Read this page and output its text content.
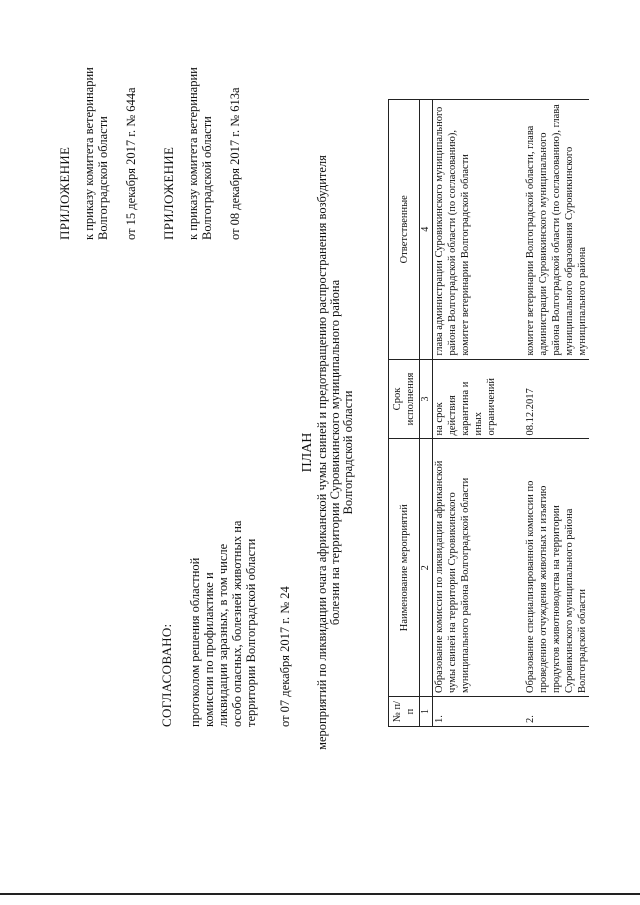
ПРИЛОЖЕНИЕ к приказу комитета ветеринарии Волгоградской области от 15 декабря 2017 г. № 644а ПРИЛОЖЕНИЕ к приказу комитета ветеринарии Волгоградской области от 08 декабря 2017 г. № 613а
СОГЛАСОВАНО: протоколом решения областной комиссии по профилактике и ликвидации заразных, в том числе особо опасных, болезней животных на территории Волгоградской области от 07 декабря 2017 г. № 24
ПЛАН мероприятий по ликвидации очага африканской чумы свиней и предотвращению распространения возбудителя болезни на территории Суровикинского муниципального района Волгоградской области
№ п/п	Наименование мероприятий	Срок исполнения	Ответственные
1	2	3	4
1.	Образование комиссии по ликвидации африканской чумы свиней на территории Суровикинского муниципального района Волгоградской области	на срок действия карантина и иных ограничений	глава администрации Суровикинского муниципального района Волгоградской области (по согласованию), комитет ветеринарии Волгоградской области
2.	Образование специализированной комиссии по проведению отчуждения животных и изъятию продуктов животноводства на территории Суровикинского муниципального района Волгоградской области	08.12.2017	комитет ветеринарии Волгоградской области, глава администрации Суровикинского муниципального района Волгоградской области (по согласованию), глава муниципального образования Суровикинского муниципального района
